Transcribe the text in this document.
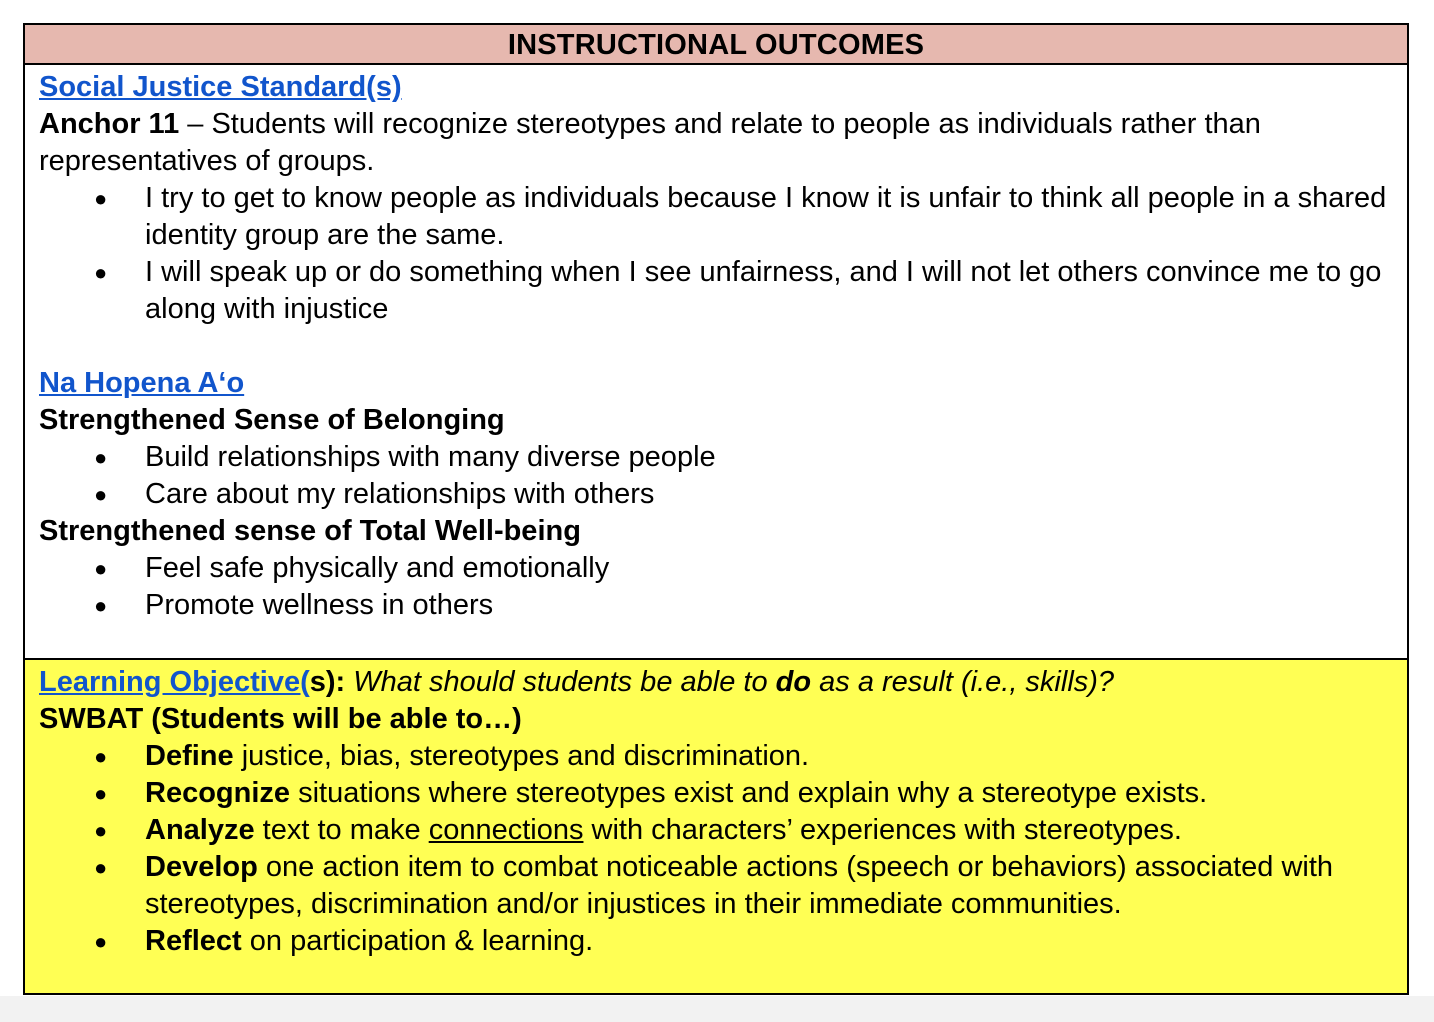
INSTRUCTIONAL OUTCOMES

Social Justice Standard(s)

Anchor 11 – Students will recognize stereotypes and relate to people as individuals rather than representatives of groups.

● I try to get to know people as individuals because I know it is unfair to think all people in a shared identity group are the same.
● I will speak up or do something when I see unfairness, and I will not let others convince me to go along with injustice

Na Hopena A‘o

Strengthened Sense of Belonging

● Build relationships with many diverse people
● Care about my relationships with others

Strengthened sense of Total Well-being

● Feel safe physically and emotionally
● Promote wellness in others

Learning Objective(s): What should students be able to do as a result (i.e., skills)?

SWBAT (Students will be able to…)

● Define justice, bias, stereotypes and discrimination.
● Recognize situations where stereotypes exist and explain why a stereotype exists.
● Analyze text to make connections with characters’ experiences with stereotypes.
● Develop one action item to combat noticeable actions (speech or behaviors) associated with stereotypes, discrimination and/or injustices in their immediate communities.
● Reflect on participation & learning.
